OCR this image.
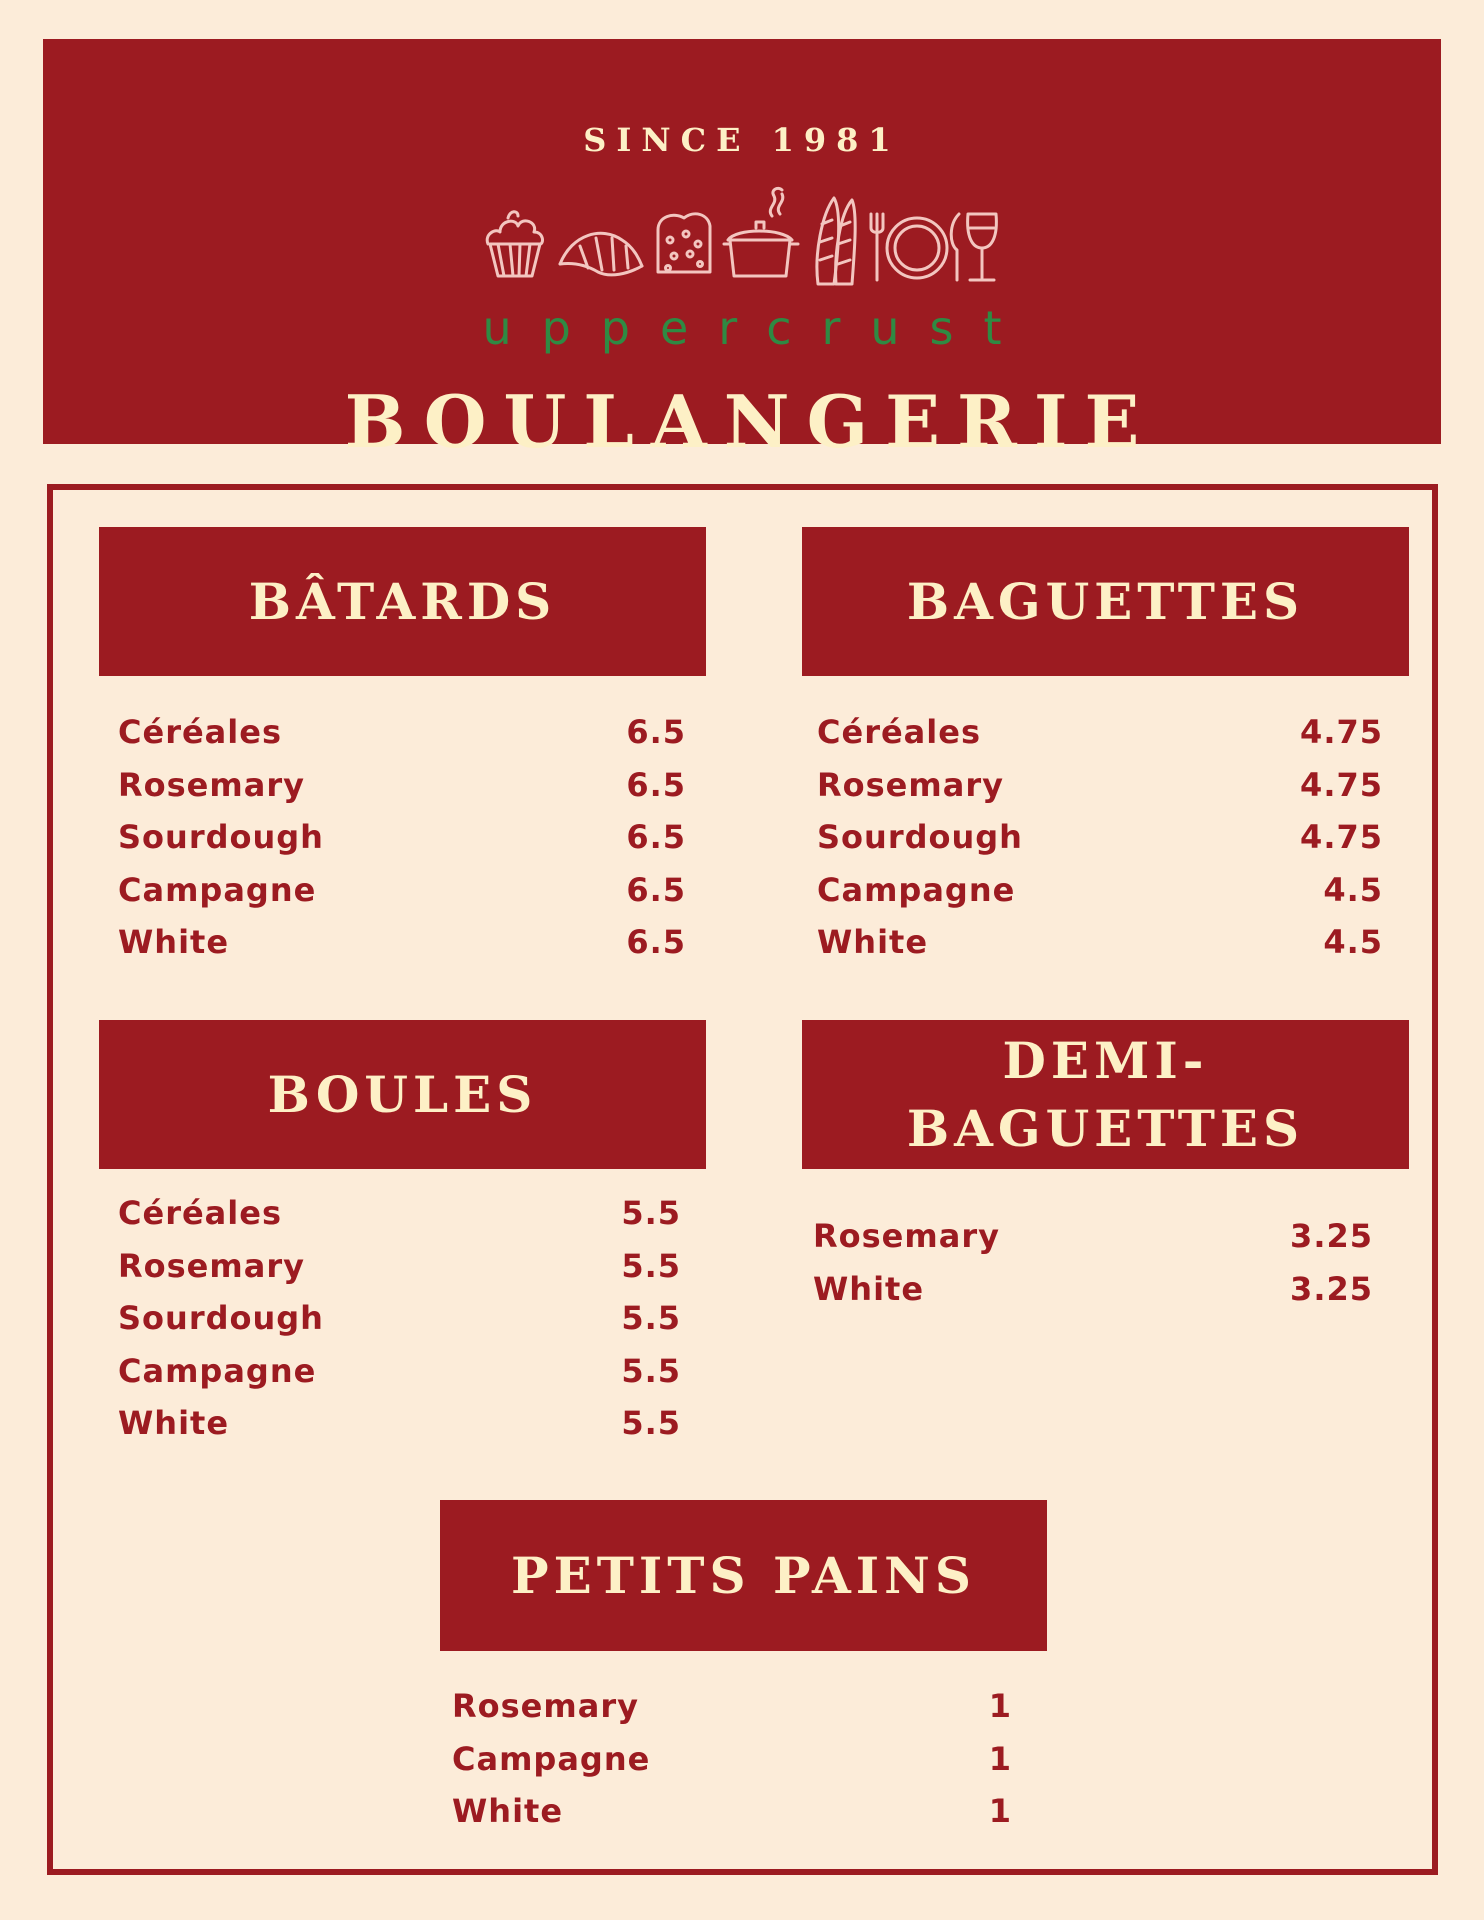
SINCE 1981
uppercrust
BOULANGERIE
BÂTARDS
Céréales	6.5
Rosemary	6.5
Sourdough	6.5
Campagne	6.5
White	6.5
BAGUETTES
Céréales	4.75
Rosemary	4.75
Sourdough	4.75
Campagne	4.5
White	4.5
BOULES
Céréales	5.5
Rosemary	5.5
Sourdough	5.5
Campagne	5.5
White	5.5
DEMI-
BAGUETTES
Rosemary	3.25
White	3.25
PETITS PAINS
Rosemary	1
Campagne	1
White	1
